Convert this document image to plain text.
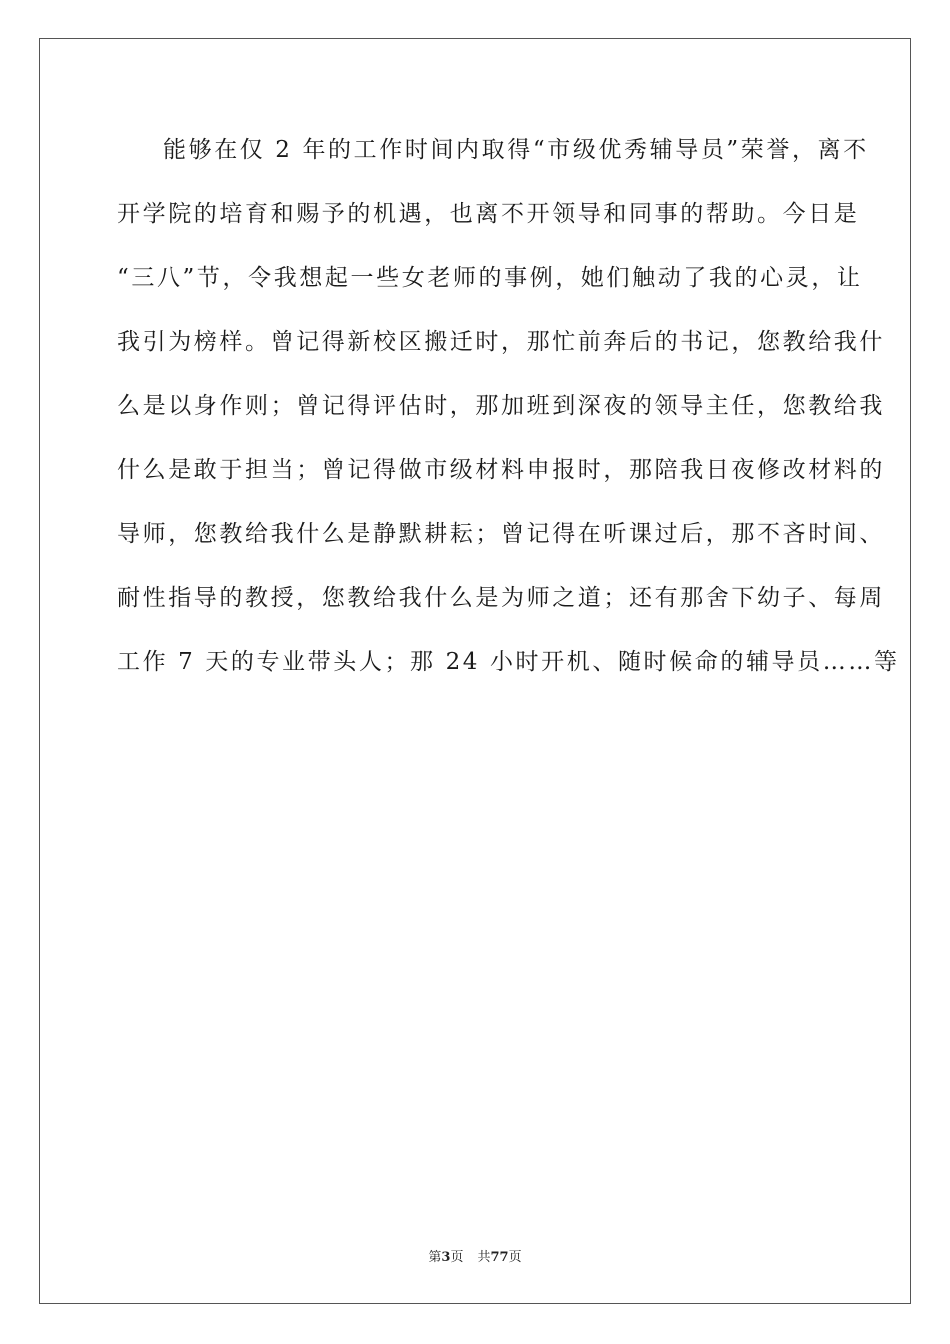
能够在仅 2 年的工作时间内取得“市级优秀辅导员”荣誉，离不
开学院的培育和赐予的机遇，也离不开领导和同事的帮助。今日是
“三八”节，令我想起一些女老师的事例，她们触动了我的心灵，让
我引为榜样。曾记得新校区搬迁时，那忙前奔后的书记，您教给我什
么是以身作则；曾记得评估时，那加班到深夜的领导主任，您教给我
什么是敢于担当；曾记得做市级材料申报时，那陪我日夜修改材料的
导师，您教给我什么是静默耕耘；曾记得在听课过后，那不吝时间、
耐性指导的教授，您教给我什么是为师之道；还有那舍下幼子、每周
工作 7 天的专业带头人；那 24 小时开机、随时候命的辅导员……等
第3页 共77页
